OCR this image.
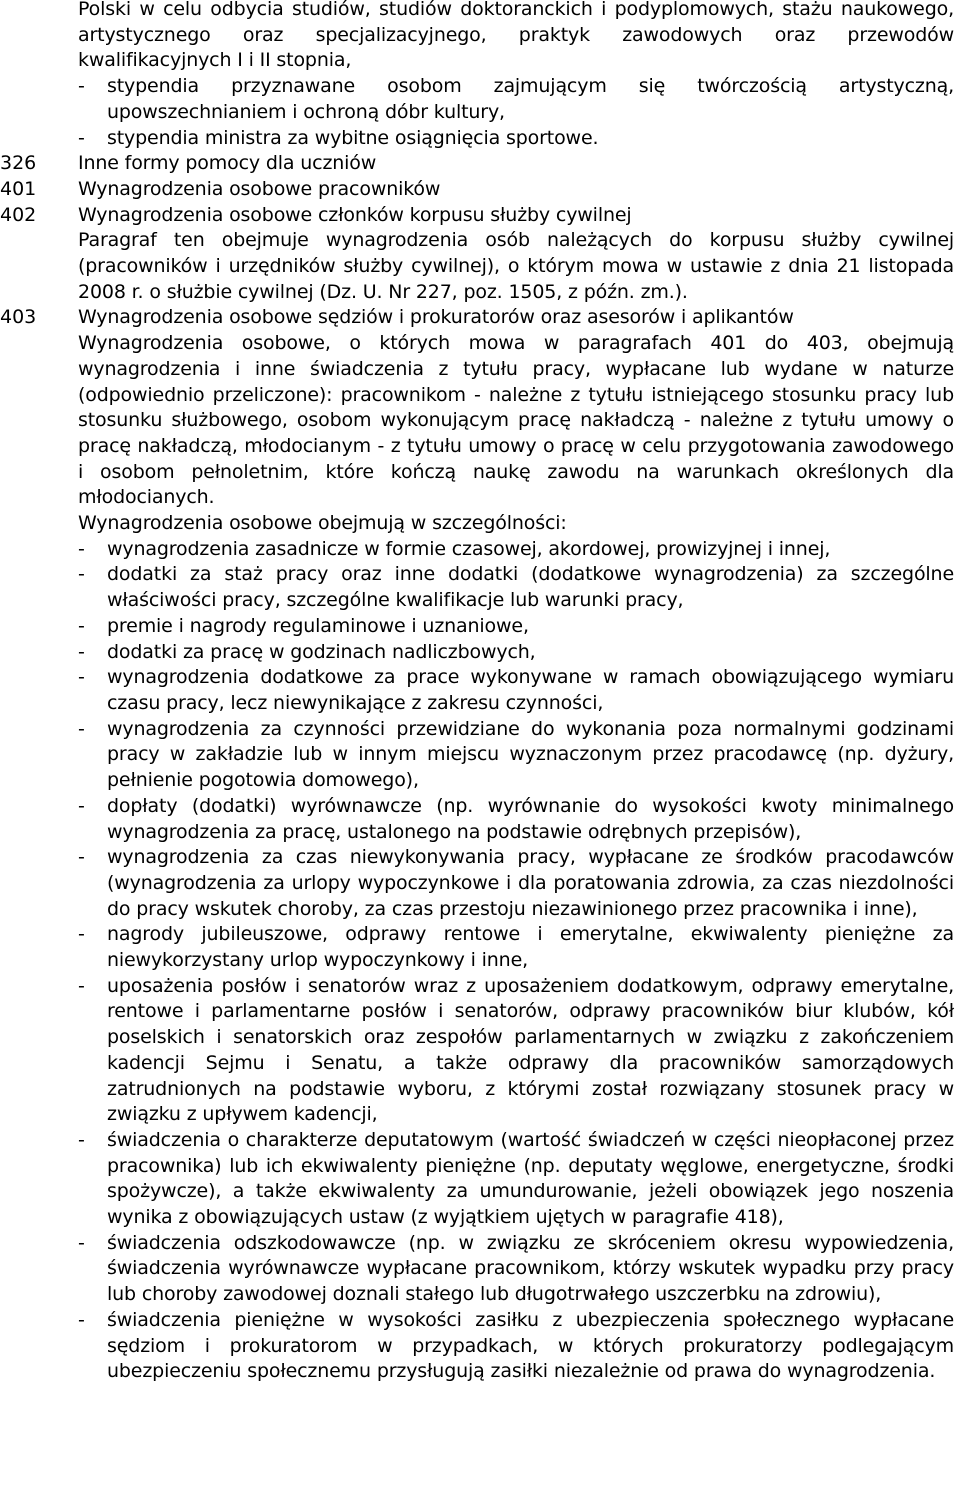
Polski w celu odbycia studiów, studiów doktoranckich i podyplomowych, stażu naukowego, artystycznego oraz specjalizacyjnego, praktyk zawodowych oraz przewodów kwalifikacyjnych I i II stopnia,
- stypendia przyznawane osobom zajmującym się twórczością artystyczną, upowszechnianiem i ochroną dóbr kultury,
- stypendia ministra za wybitne osiągnięcia sportowe.
326	Inne formy pomocy dla uczniów
401	Wynagrodzenia osobowe pracowników
402	Wynagrodzenia osobowe członków korpusu służby cywilnej
Paragraf ten obejmuje wynagrodzenia osób należących do korpusu służby cywilnej (pracowników i urzędników służby cywilnej), o którym mowa w ustawie z dnia 21 listopada 2008 r. o służbie cywilnej (Dz. U. Nr 227, poz. 1505, z późn. zm.).
403	Wynagrodzenia osobowe sędziów i prokuratorów oraz asesorów i aplikantów
Wynagrodzenia osobowe, o których mowa w paragrafach 401 do 403, obejmują wynagrodzenia i inne świadczenia z tytułu pracy, wypłacane lub wydane w naturze (odpowiednio przeliczone): pracownikom - należne z tytułu istniejącego stosunku pracy lub stosunku służbowego, osobom wykonującym pracę nakładczą - należne z tytułu umowy o pracę nakładczą, młodocianym - z tytułu umowy o pracę w celu przygotowania zawodowego i osobom pełnoletnim, które kończą naukę zawodu na warunkach określonych dla młodocianych.
Wynagrodzenia osobowe obejmują w szczególności:
- wynagrodzenia zasadnicze w formie czasowej, akordowej, prowizyjnej i innej,
- dodatki za staż pracy oraz inne dodatki (dodatkowe wynagrodzenia) za szczególne właściwości pracy, szczególne kwalifikacje lub warunki pracy,
- premie i nagrody regulaminowe i uznaniowe,
- dodatki za pracę w godzinach nadliczbowych,
- wynagrodzenia dodatkowe za prace wykonywane w ramach obowiązującego wymiaru czasu pracy, lecz niewynikające z zakresu czynności,
- wynagrodzenia za czynności przewidziane do wykonania poza normalnymi godzinami pracy w zakładzie lub w innym miejscu wyznaczonym przez pracodawcę (np. dyżury, pełnienie pogotowia domowego),
- dopłaty (dodatki) wyrównawcze (np. wyrównanie do wysokości kwoty minimalnego wynagrodzenia za pracę, ustalonego na podstawie odrębnych przepisów),
- wynagrodzenia za czas niewykonywania pracy, wypłacane ze środków pracodawców (wynagrodzenia za urlopy wypoczynkowe i dla poratowania zdrowia, za czas niezdolności do pracy wskutek choroby, za czas przestoju niezawinionego przez pracownika i inne),
- nagrody jubileuszowe, odprawy rentowe i emerytalne, ekwiwalenty pieniężne za niewykorzystany urlop wypoczynkowy i inne,
- uposażenia posłów i senatorów wraz z uposażeniem dodatkowym, odprawy emerytalne, rentowe i parlamentarne posłów i senatorów, odprawy pracowników biur klubów, kół poselskich i senatorskich oraz zespołów parlamentarnych w związku z zakończeniem kadencji Sejmu i Senatu, a także odprawy dla pracowników samorządowych zatrudnionych na podstawie wyboru, z którymi został rozwiązany stosunek pracy w związku z upływem kadencji,
- świadczenia o charakterze deputatowym (wartość świadczeń w części nieopłaconej przez pracownika) lub ich ekwiwalenty pieniężne (np. deputaty węglowe, energetyczne, środki spożywcze), a także ekwiwalenty za umundurowanie, jeżeli obowiązek jego noszenia wynika z obowiązujących ustaw (z wyjątkiem ujętych w paragrafie 418),
- świadczenia odszkodowawcze (np. w związku ze skróceniem okresu wypowiedzenia, świadczenia wyrównawcze wypłacane pracownikom, którzy wskutek wypadku przy pracy lub choroby zawodowej doznali stałego lub długotrwałego uszczerbku na zdrowiu),
- świadczenia pieniężne w wysokości zasiłku z ubezpieczenia społecznego wypłacane sędziom i prokuratorom w przypadkach, w których prokuratorzy podlegającym ubezpieczeniu społecznemu przysługują zasiłki niezależnie od prawa do wynagrodzenia.
